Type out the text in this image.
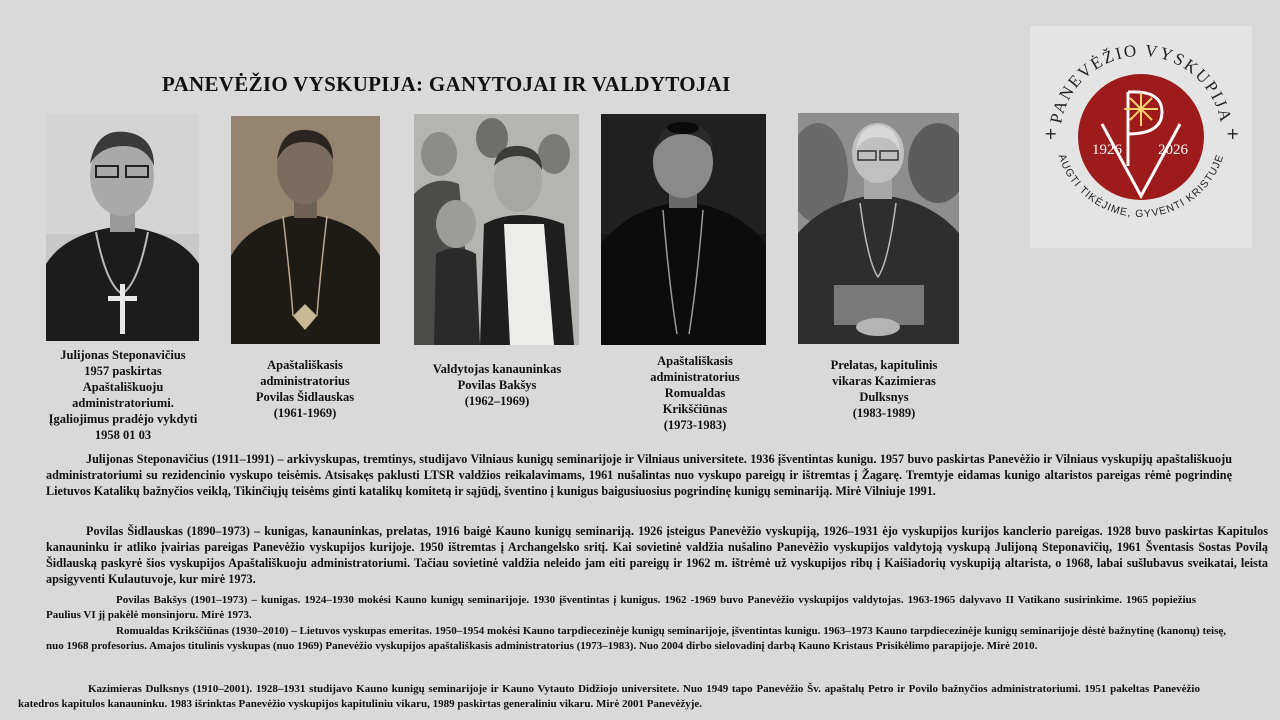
PANEVĖŽIO VYSKUPIJA: GANYTOJAI IR VALDYTOJAI
Julijonas Steponavičius
1957 paskirtas
Apaštališkuoju
administratoriumi.
Įgaliojimus pradėjo vykdyti
1958 01 03
Apaštališkasis
administratorius
Povilas Šidlauskas
(1961-1969)
Valdytojas kanauninkas
Povilas Bakšys
(1962–1969)
Apaštališkasis
administratorius
Romualdas
Krikščiūnas
(1973-1983)
Prelatas, kapitulinis
vikaras Kazimieras
Dulksnys
(1983-1989)
PANEVĖŽIO VYSKUPIJA
AUGTI TIKĖJIME, GYVENTI KRISTUJE
+	+
1926 2026

Julijonas Steponavičius (1911–1991) – arkivyskupas, tremtinys, studijavo Vilniaus kunigų seminarijoje ir Vilniaus universitete. 1936 įšventintas kunigu. 1957 buvo paskirtas Panevėžio ir Vilniaus vyskupijų apaštališkuoju administratoriumi su rezidencinio vyskupo teisėmis. Atsisakęs paklusti LTSR valdžios reikalavimams, 1961 nušalintas nuo vyskupo pareigų ir ištremtas į Žagarę. Tremtyje eidamas kunigo altaristos pareigas rėmė pogrindinę Lietuvos Katalikų bažnyčios veiklą, Tikinčiųjų teisėms ginti katalikų komitetą ir sąjūdį, šventino į kunigus baigusiuosius pogrindinę kunigų seminariją. Mirė Vilniuje 1991.

Povilas Šidlauskas (1890–1973) – kunigas, kanauninkas, prelatas, 1916 baigė Kauno kunigų seminariją. 1926 įsteigus Panevėžio vyskupiją, 1926–1931 ėjo vyskupijos kurijos kanclerio pareigas. 1928 buvo paskirtas Kapitulos kanauninku ir atliko įvairias pareigas Panevėžio vyskupijos kurijoje. 1950 ištremtas į Archangelsko sritį. Kai sovietinė valdžia nušalino Panevėžio vyskupijos valdytoją vyskupą Julijoną Steponavičių, 1961 Šventasis Sostas Povilą Šidlauską paskyrė šios vyskupijos Apaštališkuoju administratoriumi. Tačiau sovietinė valdžia neleido jam eiti pareigų ir 1962 m. ištrėmė už vyskupijos ribų į Kaišiadorių vyskupiją altarista, o 1968, labai sušlubavus sveikatai, leista apsigyventi Kulautuvoje, kur mirė 1973.

Povilas Bakšys (1901–1973) – kunigas. 1924–1930 mokėsi Kauno kunigų seminarijoje. 1930 įšventintas į kunigus. 1962 -1969 buvo Panevėžio vyskupijos valdytojas. 1963-1965 dalyvavo II Vatikano susirinkime. 1965 popiežius Paulius VI jį pakėlė monsinjoru. Mirė 1973.

Romualdas Krikščiūnas (1930–2010) – Lietuvos vyskupas emeritas. 1950–1954 mokėsi Kauno tarpdiecezinėje kunigų seminarijoje, įšventintas kunigu. 1963–1973 Kauno tarpdiecezinėje kunigų seminarijoje dėstė bažnytinę (kanonų) teisę, nuo 1968 profesorius. Amajos titulinis vyskupas (nuo 1969) Panevėžio vyskupijos apaštališkasis administratorius (1973–1983). Nuo 2004 dirbo sielovadinį darbą Kauno Kristaus Prisikėlimo parapijoje. Mirė 2010.

Kazimieras Dulksnys (1910–2001). 1928–1931 studijavo Kauno kunigų seminarijoje ir Kauno Vytauto Didžiojo universitete. Nuo 1949 tapo Panevėžio Šv. apaštalų Petro ir Povilo bažnyčios administratoriumi. 1951 pakeltas Panevėžio katedros kapitulos kanauninku. 1983 išrinktas Panevėžio vyskupijos kapituliniu vikaru, 1989 paskirtas generaliniu vikaru. Mirė 2001 Panevėžyje.
